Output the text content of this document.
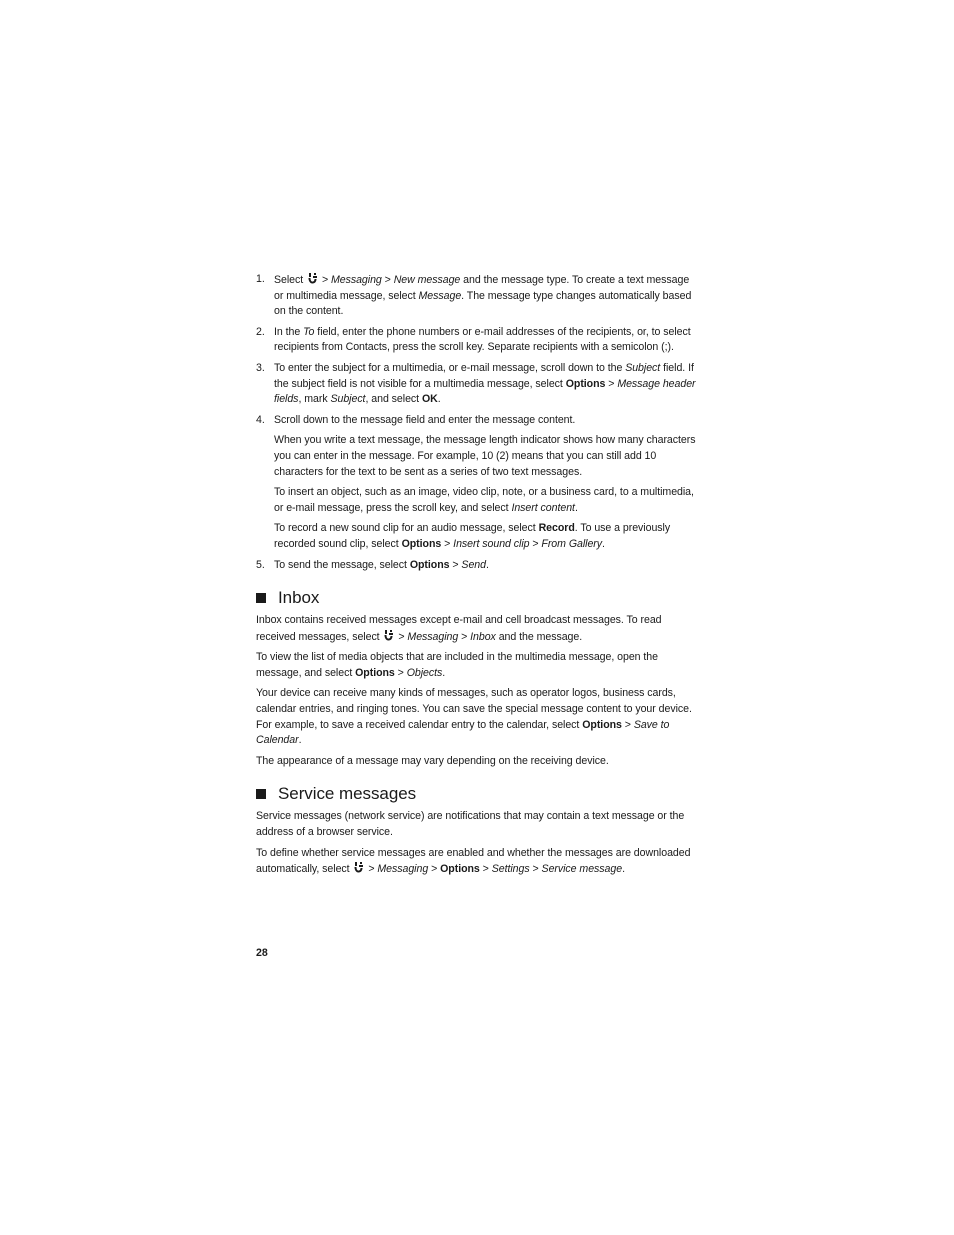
1. Select  > Messaging > New message and the message type. To create a text message or multimedia message, select Message. The message type changes automatically based on the content.
2. In the To field, enter the phone numbers or e-mail addresses of the recipients, or, to select recipients from Contacts, press the scroll key. Separate recipients with a semicolon (;).
3. To enter the subject for a multimedia, or e-mail message, scroll down to the Subject field. If the subject field is not visible for a multimedia message, select Options > Message header fields, mark Subject, and select OK.
4. Scroll down to the message field and enter the message content.
When you write a text message, the message length indicator shows how many characters you can enter in the message. For example, 10 (2) means that you can still add 10 characters for the text to be sent as a series of two text messages.
To insert an object, such as an image, video clip, note, or a business card, to a multimedia, or e-mail message, press the scroll key, and select Insert content.
To record a new sound clip for an audio message, select Record. To use a previously recorded sound clip, select Options > Insert sound clip > From Gallery.
5. To send the message, select Options > Send.
Inbox

Inbox contains received messages except e-mail and cell broadcast messages. To read received messages, select  > Messaging > Inbox and the message.

To view the list of media objects that are included in the multimedia message, open the message, and select Options > Objects.

Your device can receive many kinds of messages, such as operator logos, business cards, calendar entries, and ringing tones. You can save the special message content to your device. For example, to save a received calendar entry to the calendar, select Options > Save to Calendar.

The appearance of a message may vary depending on the receiving device.

Service messages

Service messages (network service) are notifications that may contain a text message or the address of a browser service.

To define whether service messages are enabled and whether the messages are downloaded automatically, select  > Messaging > Options > Settings > Service message.

28
